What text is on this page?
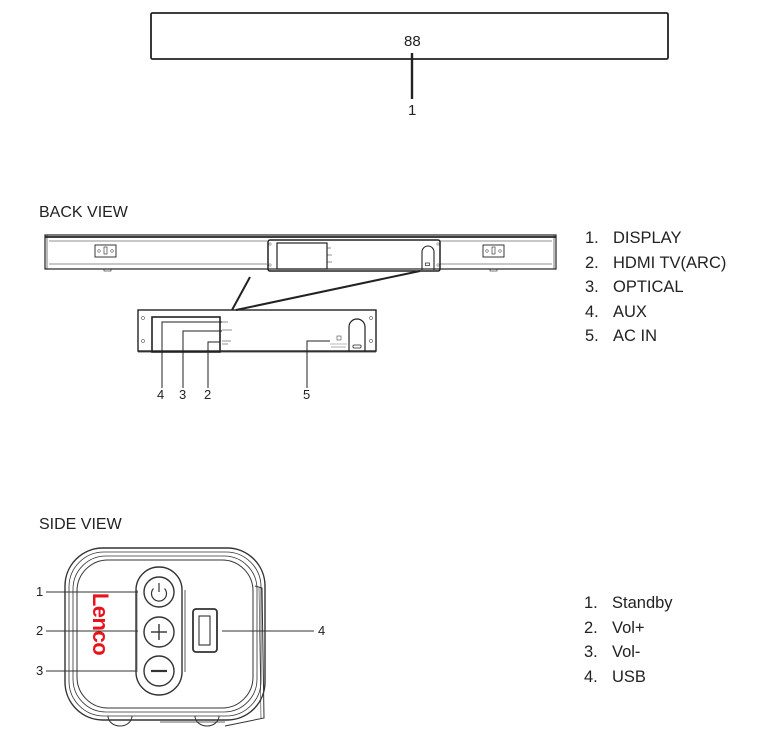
88
1
BACK VIEW
4 3 2	5
1. DISPLAY
2. HDMI TV(ARC)
3. OPTICAL
4. AUX
5. AC IN
SIDE VIEW
Lenco
1
2
3
4
1. Standby
2. Vol+
3. Vol-
4. USB
